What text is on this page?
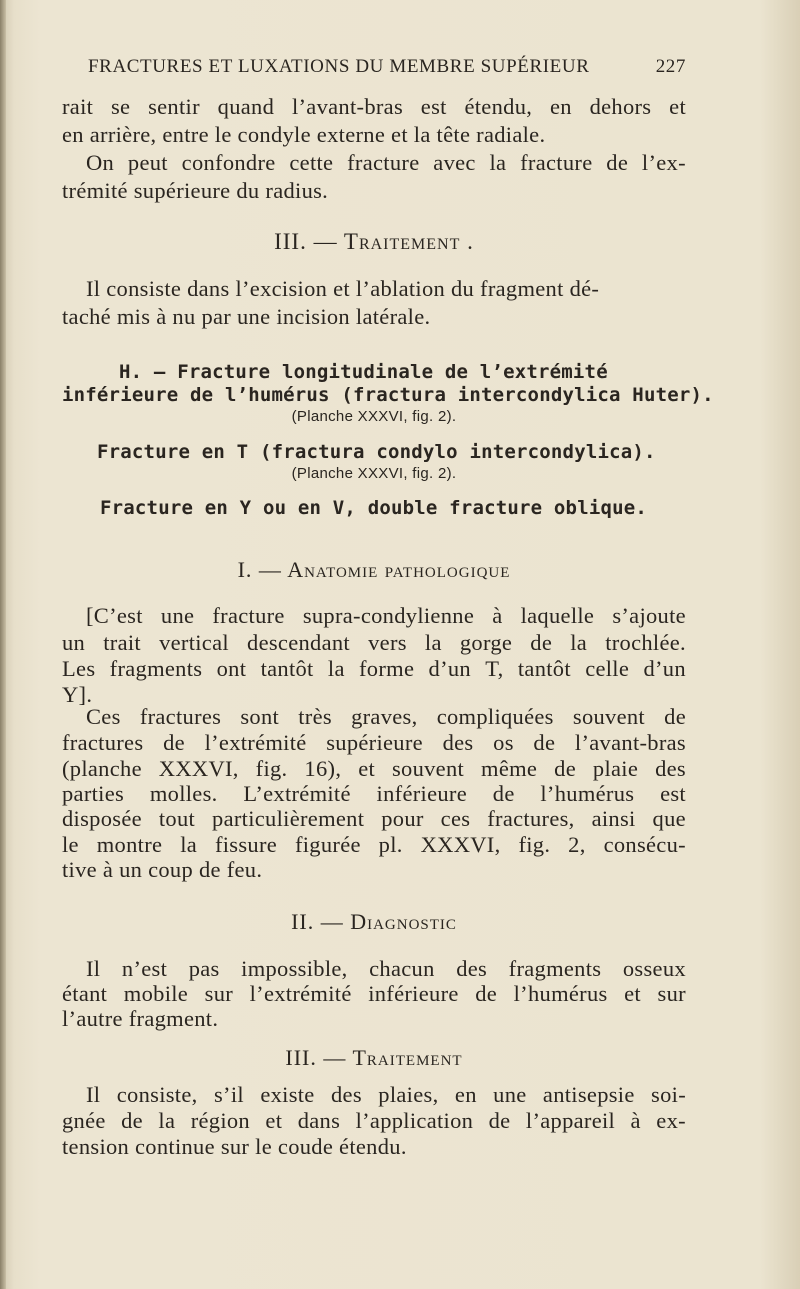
FRACTURES ET LUXATIONS DU MEMBRE SUPÉRIEUR	227
rait se sentir quand l’avant-bras est étendu, en dehors et
en arrière, entre le condyle externe et la tête radiale.
On peut confondre cette fracture avec la fracture de l’ex-
trémité supérieure du radius.
III. — Traitement .
Il consiste dans l’excision et l’ablation du fragment dé-
taché mis à nu par une incision latérale.
H. — Fracture longitudinale de l’extrémité
inférieure de l’humérus (fractura intercondylica Huter).
(Planche XXXVI, fig. 2).
Fracture en T (fractura condylo intercondylica).
(Planche XXXVI, fig. 2).
Fracture en Y ou en V, double fracture oblique.
I. — Anatomie pathologique
[C’est une fracture supra-condylienne à laquelle s’ajoute
un trait vertical descendant vers la gorge de la trochlée.
Les fragments ont tantôt la forme d’un T, tantôt celle d’un
Y].
Ces fractures sont très graves, compliquées souvent de
fractures de l’extrémité supérieure des os de l’avant-bras
(planche XXXVI, fig. 16), et souvent même de plaie des
parties molles. L’extrémité inférieure de l’humérus est
disposée tout particulièrement pour ces fractures, ainsi que
le montre la fissure figurée pl. XXXVI, fig. 2, consécu-
tive à un coup de feu.
II. — Diagnostic
Il n’est pas impossible, chacun des fragments osseux
étant mobile sur l’extrémité inférieure de l’humérus et sur
l’autre fragment.
III. — Traitement
Il consiste, s’il existe des plaies, en une antisepsie soi-
gnée de la région et dans l’application de l’appareil à ex-
tension continue sur le coude étendu.
